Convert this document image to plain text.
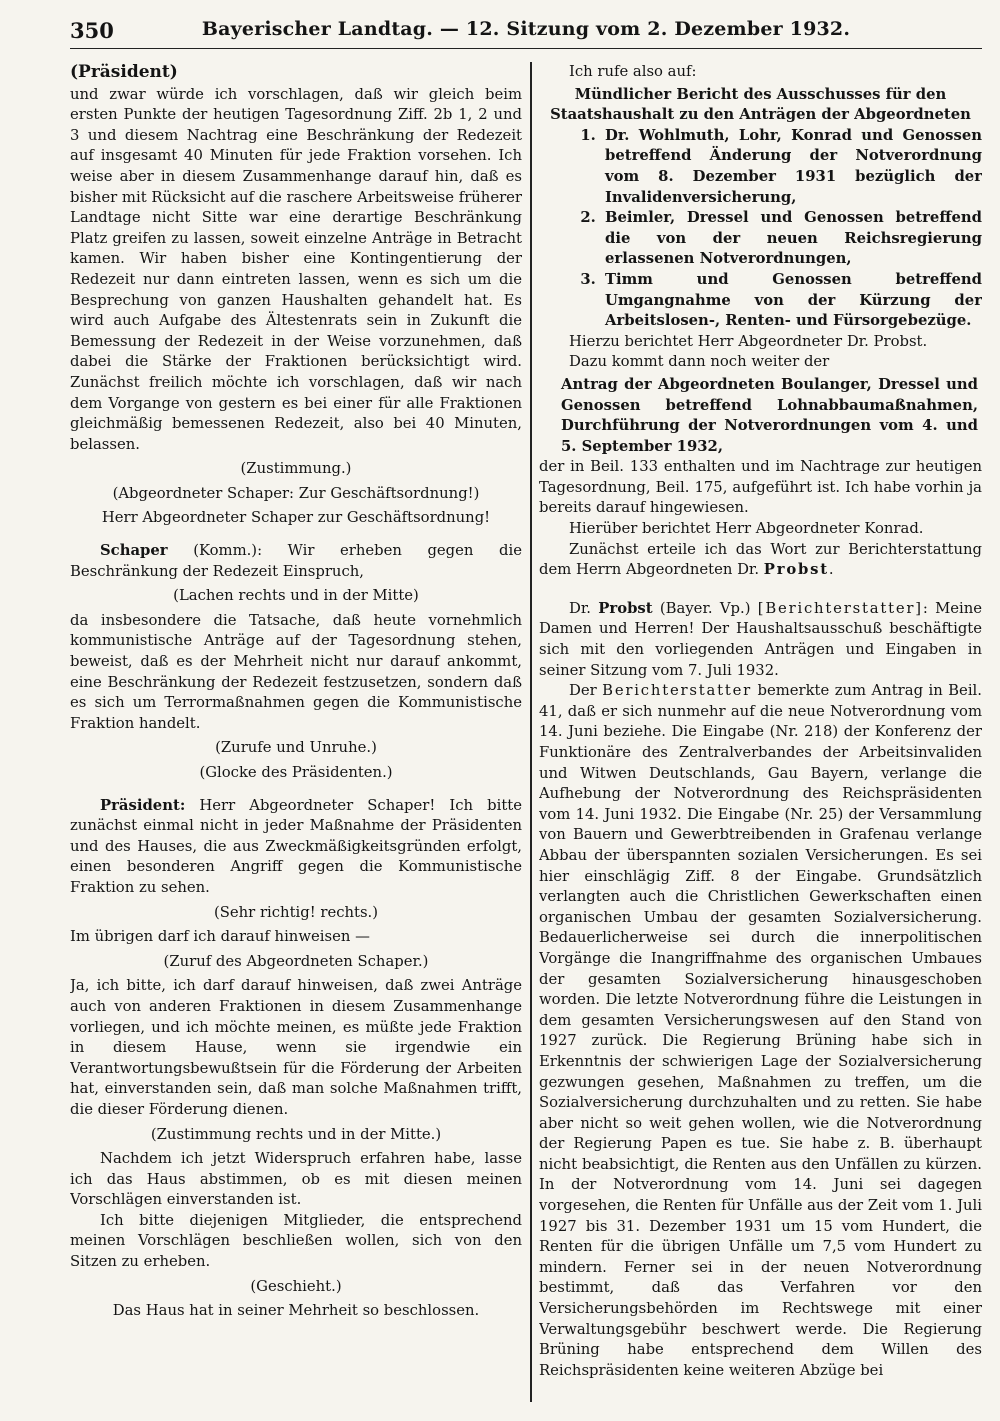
350	Bayerischer Landtag. — 12. Sitzung vom 2. Dezember 1932.

(Präsident)

und zwar würde ich vorschlagen, daß wir gleich beim ersten Punkte der heutigen Tagesordnung Ziff. 2b 1, 2 und 3 und diesem Nachtrag eine Beschränkung der Redezeit auf insgesamt 40 Minuten für jede Fraktion vorsehen. Ich weise aber in diesem Zusammenhange darauf hin, daß es bisher mit Rücksicht auf die raschere Arbeitsweise früherer Landtage nicht Sitte war eine derartige Beschränkung Platz greifen zu lassen, soweit einzelne Anträge in Betracht kamen. Wir haben bisher eine Kontingentierung der Redezeit nur dann eintreten lassen, wenn es sich um die Besprechung von ganzen Haushalten gehandelt hat. Es wird auch Aufgabe des Ältestenrats sein in Zukunft die Bemessung der Redezeit in der Weise vorzunehmen, daß dabei die Stärke der Fraktionen berücksichtigt wird. Zunächst freilich möchte ich vorschlagen, daß wir nach dem Vorgange von gestern es bei einer für alle Fraktionen gleichmäßig bemessenen Redezeit, also bei 40 Minuten, belassen.

(Zustimmung.)

(Abgeordneter Schaper: Zur Geschäftsordnung!)

Herr Abgeordneter Schaper zur Geschäftsordnung!

Schaper (Komm.): Wir erheben gegen die Beschränkung der Redezeit Einspruch,

(Lachen rechts und in der Mitte)

da insbesondere die Tatsache, daß heute vornehmlich kommunistische Anträge auf der Tagesordnung stehen, beweist, daß es der Mehrheit nicht nur darauf ankommt, eine Beschränkung der Redezeit festzusetzen, sondern daß es sich um Terrormaßnahmen gegen die Kommunistische Fraktion handelt.

(Zurufe und Unruhe.)

(Glocke des Präsidenten.)

Präsident: Herr Abgeordneter Schaper! Ich bitte zunächst einmal nicht in jeder Maßnahme der Präsidenten und des Hauses, die aus Zweckmäßigkeitsgründen erfolgt, einen besonderen Angriff gegen die Kommunistische Fraktion zu sehen.

(Sehr richtig! rechts.)

Im übrigen darf ich darauf hinweisen —

(Zuruf des Abgeordneten Schaper.)

Ja, ich bitte, ich darf darauf hinweisen, daß zwei Anträge auch von anderen Fraktionen in diesem Zusammenhange vorliegen, und ich möchte meinen, es müßte jede Fraktion in diesem Hause, wenn sie irgendwie ein Verantwortungsbewußtsein für die Förderung der Arbeiten hat, einverstanden sein, daß man solche Maßnahmen trifft, die dieser Förderung dienen.

(Zustimmung rechts und in der Mitte.)

Nachdem ich jetzt Widerspruch erfahren habe, lasse ich das Haus abstimmen, ob es mit diesen meinen Vorschlägen einverstanden ist.

Ich bitte diejenigen Mitglieder, die entsprechend meinen Vorschlägen beschließen wollen, sich von den Sitzen zu erheben.

(Geschieht.)

Das Haus hat in seiner Mehrheit so beschlossen.

Ich rufe also auf:

Mündlicher Bericht des Ausschusses für den Staatshaushalt zu den Anträgen der Abgeordneten

1. Dr. Wohlmuth, Lohr, Konrad und Genossen betreffend Änderung der Notverordnung vom 8. Dezember 1931 bezüglich der Invalidenversicherung,
2. Beimler, Dressel und Genossen betreffend die von der neuen Reichsregierung erlassenen Notverordnungen,
3. Timm und Genossen betreffend Umgangnahme von der Kürzung der Arbeitslosen-, Renten- und Fürsorgebezüge.

Hierzu berichtet Herr Abgeordneter Dr. Probst.

Dazu kommt dann noch weiter der

Antrag der Abgeordneten Boulanger, Dressel und Genossen betreffend Lohnabbaumaßnahmen, Durchführung der Notverordnungen vom 4. und 5. September 1932,

der in Beil. 133 enthalten und im Nachtrage zur heutigen Tagesordnung, Beil. 175, aufgeführt ist. Ich habe vorhin ja bereits darauf hingewiesen.

Hierüber berichtet Herr Abgeordneter Konrad.

Zunächst erteile ich das Wort zur Berichterstattung dem Herrn Abgeordneten Dr. Probst.

Dr. Probst (Bayer. Vp.) [Berichterstatter]: Meine Damen und Herren! Der Haushaltsausschuß beschäftigte sich mit den vorliegenden Anträgen und Eingaben in seiner Sitzung vom 7. Juli 1932.

Der Berichterstatter bemerkte zum Antrag in Beil. 41, daß er sich nunmehr auf die neue Notverordnung vom 14. Juni beziehe. Die Eingabe (Nr. 218) der Konferenz der Funktionäre des Zentralverbandes der Arbeitsinvaliden und Witwen Deutschlands, Gau Bayern, verlange die Aufhebung der Notverordnung des Reichspräsidenten vom 14. Juni 1932. Die Eingabe (Nr. 25) der Versammlung von Bauern und Gewerbtreibenden in Grafenau verlange Abbau der überspannten sozialen Versicherungen. Es sei hier einschlägig Ziff. 8 der Eingabe. Grundsätzlich verlangten auch die Christlichen Gewerkschaften einen organischen Umbau der gesamten Sozialversicherung. Bedauerlicherweise sei durch die innerpolitischen Vorgänge die Inangriffnahme des organischen Umbaues der gesamten Sozialversicherung hinausgeschoben worden. Die letzte Notverordnung führe die Leistungen in dem gesamten Versicherungswesen auf den Stand von 1927 zurück. Die Regierung Brüning habe sich in Erkenntnis der schwierigen Lage der Sozialversicherung gezwungen gesehen, Maßnahmen zu treffen, um die Sozialversicherung durchzuhalten und zu retten. Sie habe aber nicht so weit gehen wollen, wie die Notverordnung der Regierung Papen es tue. Sie habe z. B. überhaupt nicht beabsichtigt, die Renten aus den Unfällen zu kürzen. In der Notverordnung vom 14. Juni sei dagegen vorgesehen, die Renten für Unfälle aus der Zeit vom 1. Juli 1927 bis 31. Dezember 1931 um 15 vom Hundert, die Renten für die übrigen Unfälle um 7,5 vom Hundert zu mindern. Ferner sei in der neuen Notverordnung bestimmt, daß das Verfahren vor den Versicherungsbehörden im Rechtswege mit einer Verwaltungsgebühr beschwert werde. Die Regierung Brüning habe entsprechend dem Willen des Reichspräsidenten keine weiteren Abzüge bei
